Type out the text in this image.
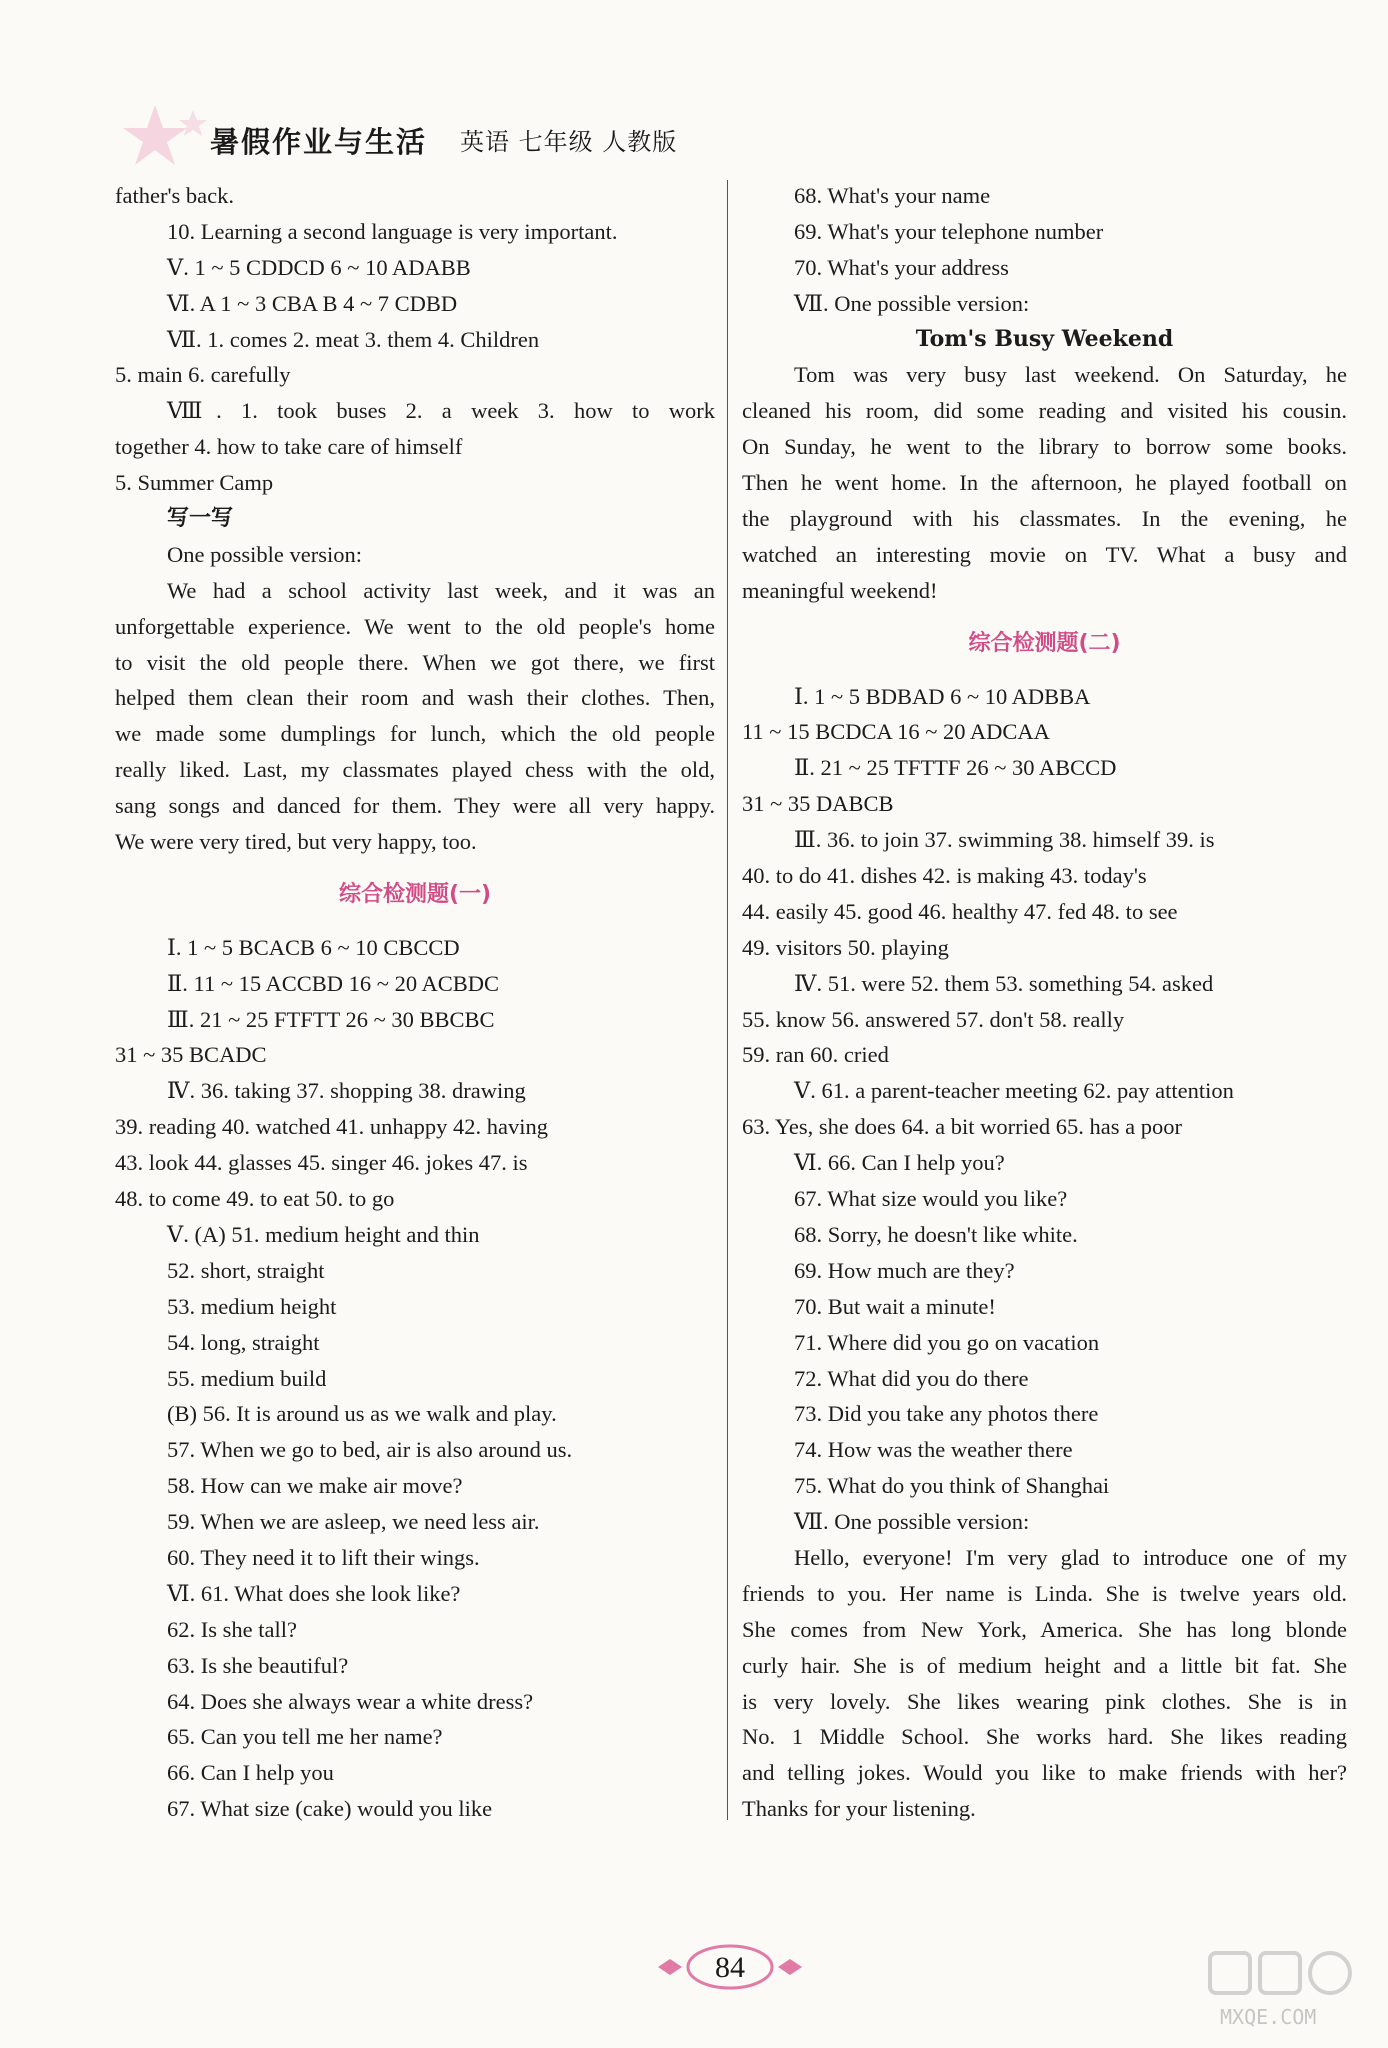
暑假作业与生活 英语 七年级 人教版
father's back.
10. Learning a second language is very important.
Ⅴ. 1 ~ 5 CDDCD 6 ~ 10 ADABB
Ⅵ. A 1 ~ 3 CBA B 4 ~ 7 CDBD
Ⅶ. 1. comes 2. meat 3. them 4. Children
5. main 6. carefully
Ⅷ. 1. took buses 2. a week 3. how to work
together 4. how to take care of himself
5. Summer Camp
写一写
One possible version:
We had a school activity last week, and it was an
unforgettable experience. We went to the old people's home
to visit the old people there. When we got there, we first
helped them clean their room and wash their clothes. Then,
we made some dumplings for lunch, which the old people
really liked. Last, my classmates played chess with the old,
sang songs and danced for them. They were all very happy.
We were very tired, but very happy, too.
综合检测题(一)
Ⅰ. 1 ~ 5 BCACB 6 ~ 10 CBCCD
Ⅱ. 11 ~ 15 ACCBD 16 ~ 20 ACBDC
Ⅲ. 21 ~ 25 FTFTT 26 ~ 30 BBCBC
31 ~ 35 BCADC
Ⅳ. 36. taking 37. shopping 38. drawing
39. reading 40. watched 41. unhappy 42. having
43. look 44. glasses 45. singer 46. jokes 47. is
48. to come 49. to eat 50. to go
Ⅴ. (A) 51. medium height and thin
52. short, straight
53. medium height
54. long, straight
55. medium build
(B) 56. It is around us as we walk and play.
57. When we go to bed, air is also around us.
58. How can we make air move?
59. When we are asleep, we need less air.
60. They need it to lift their wings.
Ⅵ. 61. What does she look like?
62. Is she tall?
63. Is she beautiful?
64. Does she always wear a white dress?
65. Can you tell me her name?
66. Can I help you
67. What size (cake) would you like
68. What's your name
69. What's your telephone number
70. What's your address
Ⅶ. One possible version:
Tom's Busy Weekend
Tom was very busy last weekend. On Saturday, he
cleaned his room, did some reading and visited his cousin.
On Sunday, he went to the library to borrow some books.
Then he went home. In the afternoon, he played football on
the playground with his classmates. In the evening, he
watched an interesting movie on TV. What a busy and
meaningful weekend!
综合检测题(二)
Ⅰ. 1 ~ 5 BDBAD 6 ~ 10 ADBBA
11 ~ 15 BCDCA 16 ~ 20 ADCAA
Ⅱ. 21 ~ 25 TFTTF 26 ~ 30 ABCCD
31 ~ 35 DABCB
Ⅲ. 36. to join 37. swimming 38. himself 39. is
40. to do 41. dishes 42. is making 43. today's
44. easily 45. good 46. healthy 47. fed 48. to see
49. visitors 50. playing
Ⅳ. 51. were 52. them 53. something 54. asked
55. know 56. answered 57. don't 58. really
59. ran 60. cried
Ⅴ. 61. a parent-teacher meeting 62. pay attention
63. Yes, she does 64. a bit worried 65. has a poor
Ⅵ. 66. Can I help you?
67. What size would you like?
68. Sorry, he doesn't like white.
69. How much are they?
70. But wait a minute!
71. Where did you go on vacation
72. What did you do there
73. Did you take any photos there
74. How was the weather there
75. What do you think of Shanghai
Ⅶ. One possible version:
Hello, everyone! I'm very glad to introduce one of my
friends to you. Her name is Linda. She is twelve years old.
She comes from New York, America. She has long blonde
curly hair. She is of medium height and a little bit fat. She
is very lovely. She likes wearing pink clothes. She is in
No. 1 Middle School. She works hard. She likes reading
and telling jokes. Would you like to make friends with her?
Thanks for your listening.
84
MXQE.COM
